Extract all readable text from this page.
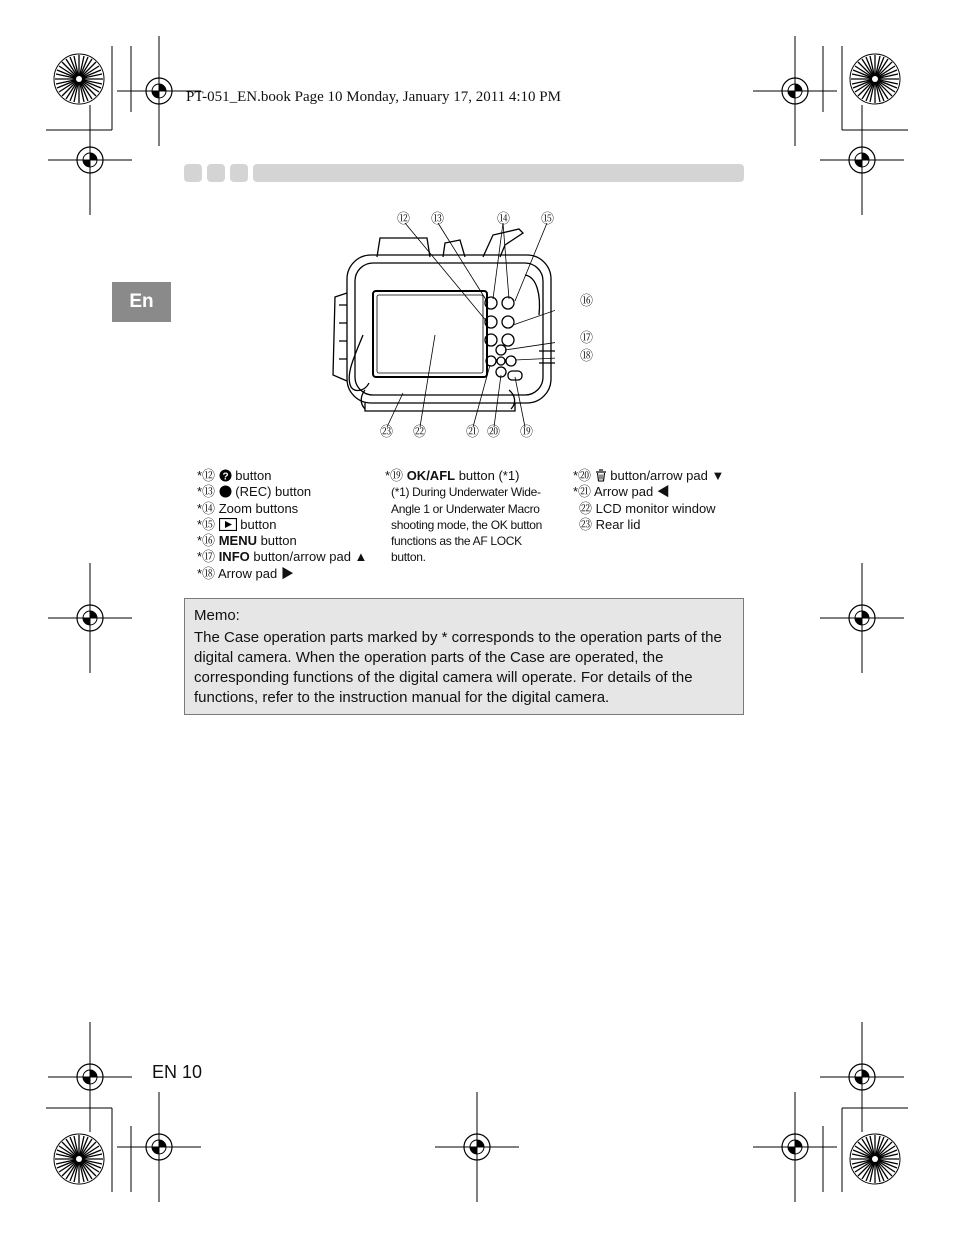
PT-051_EN.book Page 10 Monday, January 17, 2011 4:10 PM
En
⑫ ⑬	⑭ ⑮
⑯
⑰
⑱
⑲
⑳
㉑
㉒
㉓
*⑫ ? button
*⑬  (REC) button
*⑭ Zoom buttons
*⑮  button
*⑯ MENU button
*⑰ INFO button/arrow pad ▲
*⑱ Arrow pad ▶
*⑲ OK/AFL button (*1)
(*1) During Underwater Wide-
Angle 1 or Underwater Macro
shooting mode, the OK button
functions as the AF LOCK
button.
*⑳  button/arrow pad ▼
*㉑ Arrow pad ◀
㉒ LCD monitor window
㉓ Rear lid
Memo:
The Case operation parts marked by * corresponds to the operation parts of the digital camera. When the operation parts of the Case are operated, the corresponding functions of the digital camera will operate. For details of the functions, refer to the instruction manual for the digital camera.
EN 10
